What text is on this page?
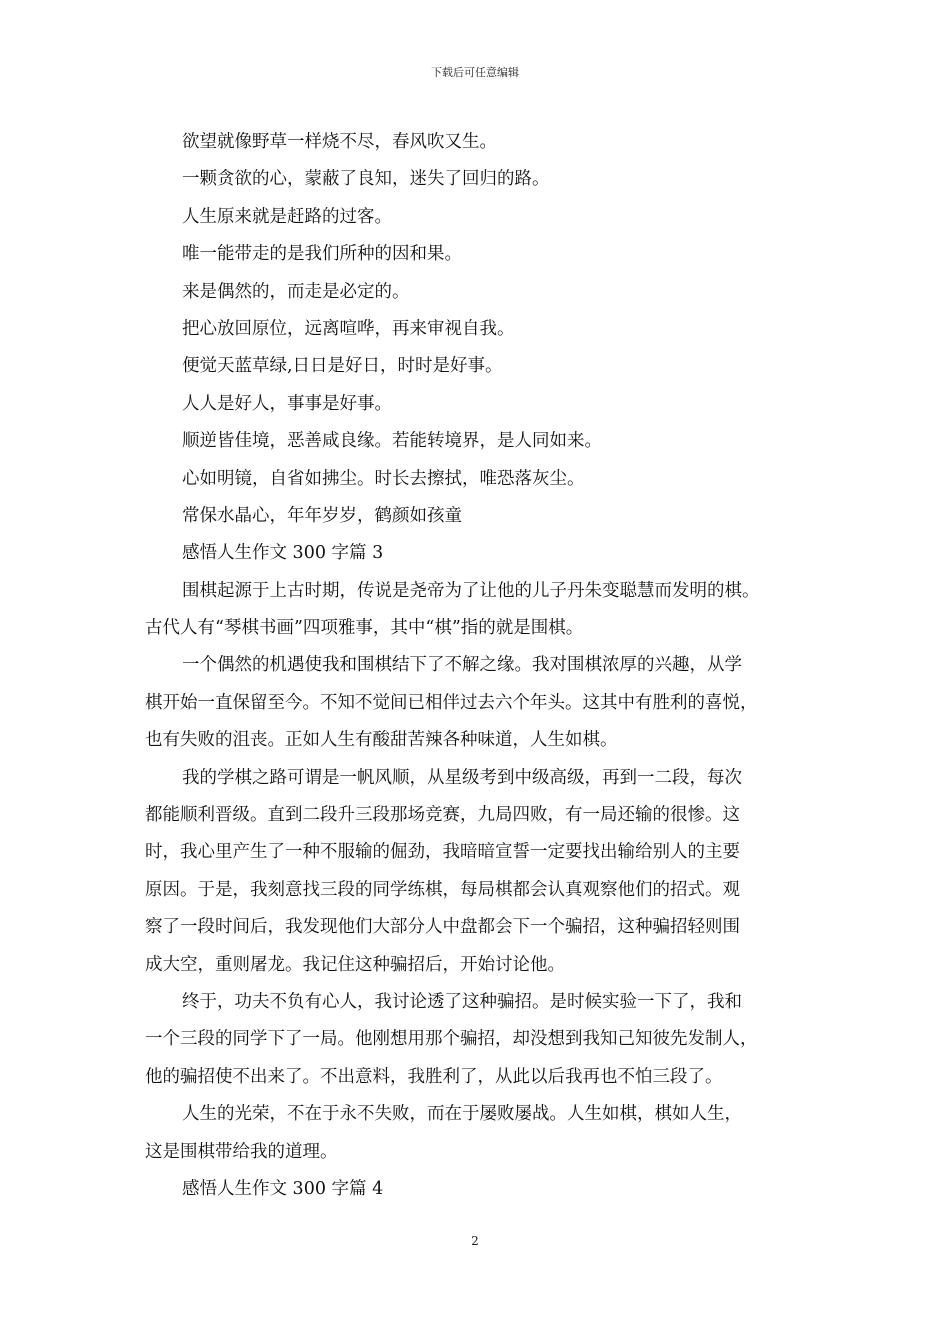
下载后可任意编辑
欲望就像野草一样烧不尽，春风吹又生。
一颗贪欲的心，蒙蔽了良知，迷失了回归的路。
人生原来就是赶路的过客。
唯一能带走的是我们所种的因和果。
来是偶然的，而走是必定的。
把心放回原位，远离喧哗，再来审视自我。
便觉天蓝草绿,日日是好日，时时是好事。
人人是好人，事事是好事。
顺逆皆佳境，恶善咸良缘。若能转境界，是人同如来。
心如明镜，自省如拂尘。时长去擦拭，唯恐落灰尘。
常保水晶心，年年岁岁，鹤颜如孩童
感悟人生作文 300 字篇 3
围棋起源于上古时期，传说是尧帝为了让他的儿子丹朱变聪慧而发明的棋。
古代人有“琴棋书画”四项雅事，其中“棋”指的就是围棋。
一个偶然的机遇使我和围棋结下了不解之缘。我对围棋浓厚的兴趣，从学
棋开始一直保留至今。不知不觉间已相伴过去六个年头。这其中有胜利的喜悦，
也有失败的沮丧。正如人生有酸甜苦辣各种味道，人生如棋。
我的学棋之路可谓是一帆风顺，从星级考到中级高级，再到一二段，每次
都能顺利晋级。直到二段升三段那场竞赛，九局四败，有一局还输的很惨。这
时，我心里产生了一种不服输的倔劲，我暗暗宣誓一定要找出输给别人的主要
原因。于是，我刻意找三段的同学练棋，每局棋都会认真观察他们的招式。观
察了一段时间后，我发现他们大部分人中盘都会下一个骗招，这种骗招轻则围
成大空，重则屠龙。我记住这种骗招后，开始讨论他。
终于，功夫不负有心人，我讨论透了这种骗招。是时候实验一下了，我和
一个三段的同学下了一局。他刚想用那个骗招，却没想到我知己知彼先发制人，
他的骗招使不出来了。不出意料，我胜利了，从此以后我再也不怕三段了。
人生的光荣，不在于永不失败，而在于屡败屡战。人生如棋，棋如人生，
这是围棋带给我的道理。
感悟人生作文 300 字篇 4
2
